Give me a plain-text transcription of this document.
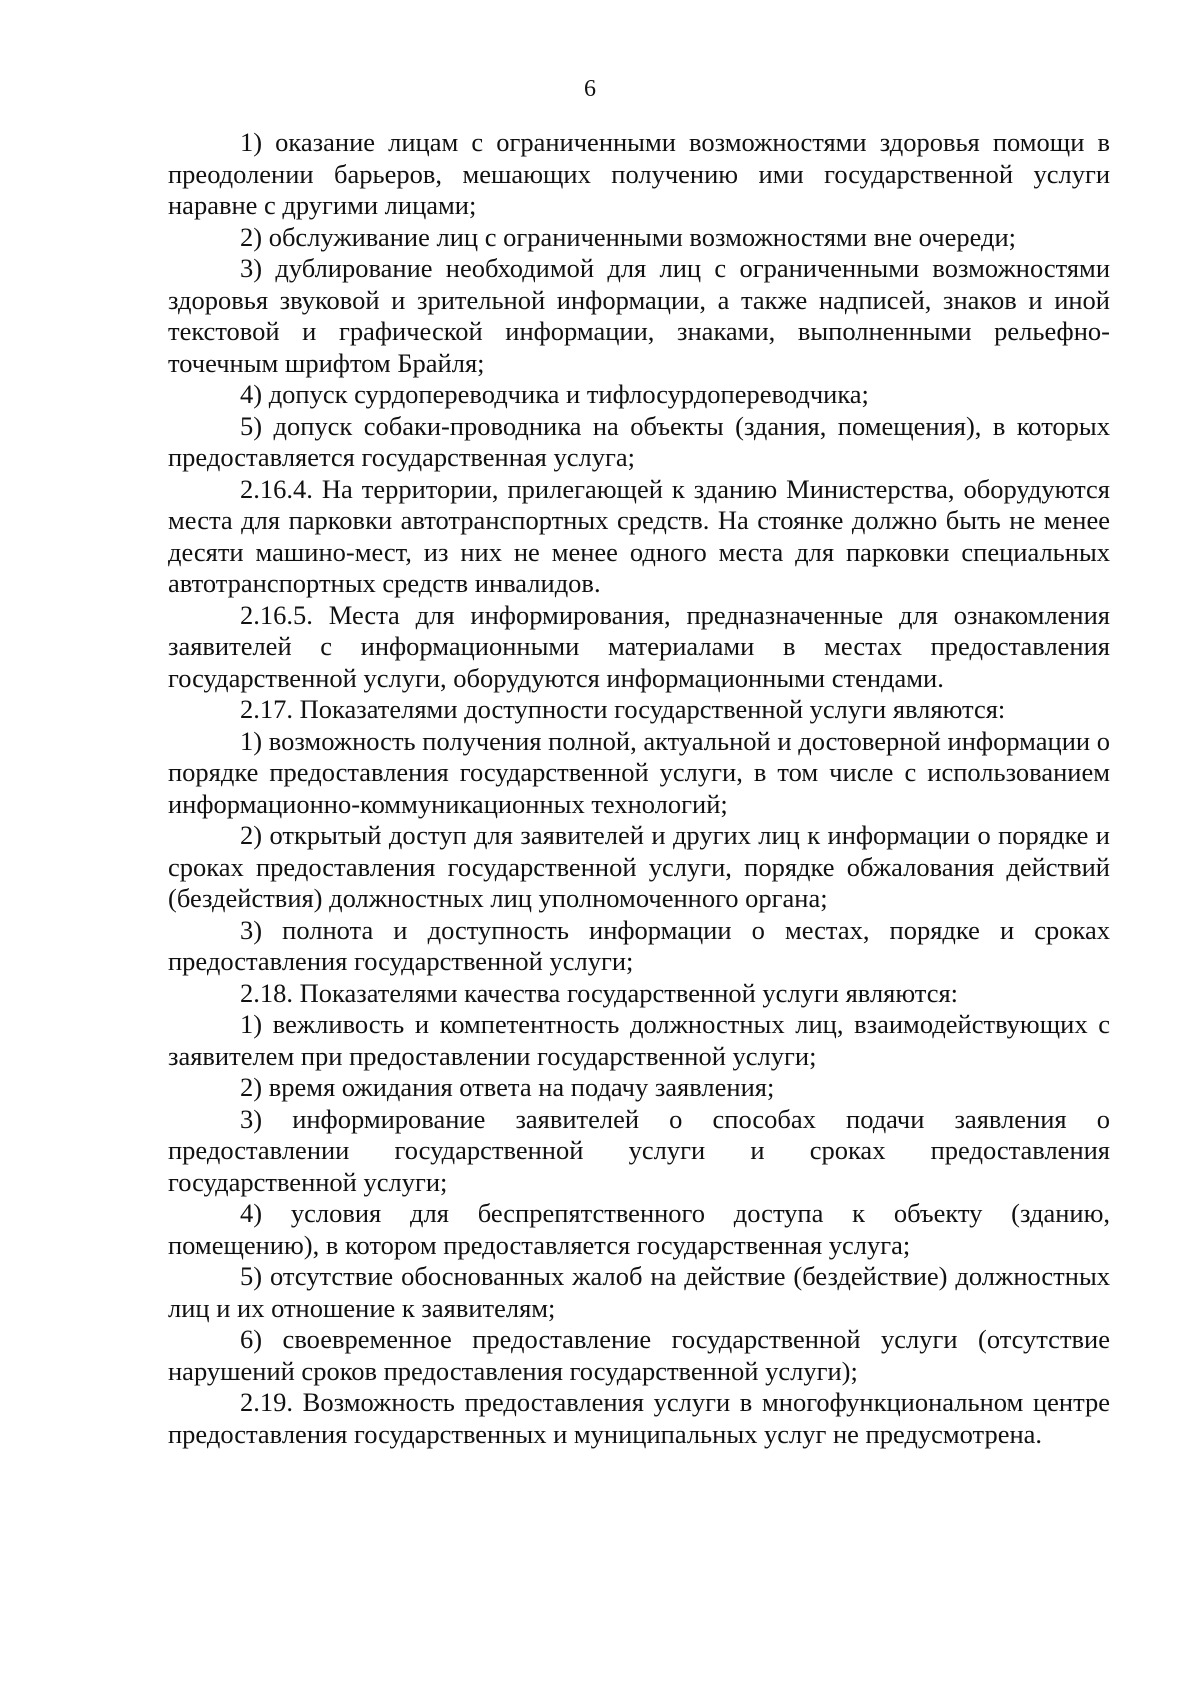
6

1) оказание лицам с ограниченными возможностями здоровья помощи в преодолении барьеров, мешающих получению ими государственной услуги наравне с другими лицами;

2) обслуживание лиц с ограниченными возможностями вне очереди;

3) дублирование необходимой для лиц с ограниченными возможностями здоровья звуковой и зрительной информации, а также надписей, знаков и иной текстовой и графической информации, знаками, выполненными рельефно-точечным шрифтом Брайля;

4) допуск сурдопереводчика и тифлосурдопереводчика;

5) допуск собаки-проводника на объекты (здания, помещения), в которых предоставляется государственная услуга;

2.16.4. На территории, прилегающей к зданию Министерства, оборудуются места для парковки автотранспортных средств. На стоянке должно быть не менее десяти машино-мест, из них не менее одного места для парковки специальных автотранспортных средств инвалидов.

2.16.5. Места для информирования, предназначенные для ознакомления заявителей с информационными материалами в местах предоставления государственной услуги, оборудуются информационными стендами.

2.17. Показателями доступности государственной услуги являются:

1) возможность получения полной, актуальной и достоверной информации о порядке предоставления государственной услуги, в том числе с использованием информационно-коммуникационных технологий;

2) открытый доступ для заявителей и других лиц к информации о порядке и сроках предоставления государственной услуги, порядке обжалования действий (бездействия) должностных лиц уполномоченного органа;

3) полнота и доступность информации о местах, порядке и сроках предоставления государственной услуги;

2.18. Показателями качества государственной услуги являются:

1) вежливость и компетентность должностных лиц, взаимодействующих с заявителем при предоставлении государственной услуги;

2) время ожидания ответа на подачу заявления;

3) информирование заявителей о способах подачи заявления о предоставлении государственной услуги и сроках предоставления государственной услуги;

4) условия для беспрепятственного доступа к объекту (зданию, помещению), в котором предоставляется государственная услуга;

5) отсутствие обоснованных жалоб на действие (бездействие) должностных лиц и их отношение к заявителям;

6) своевременное предоставление государственной услуги (отсутствие нарушений сроков предоставления государственной услуги);

2.19. Возможность предоставления услуги в многофункциональном центре предоставления государственных и муниципальных услуг не предусмотрена.
